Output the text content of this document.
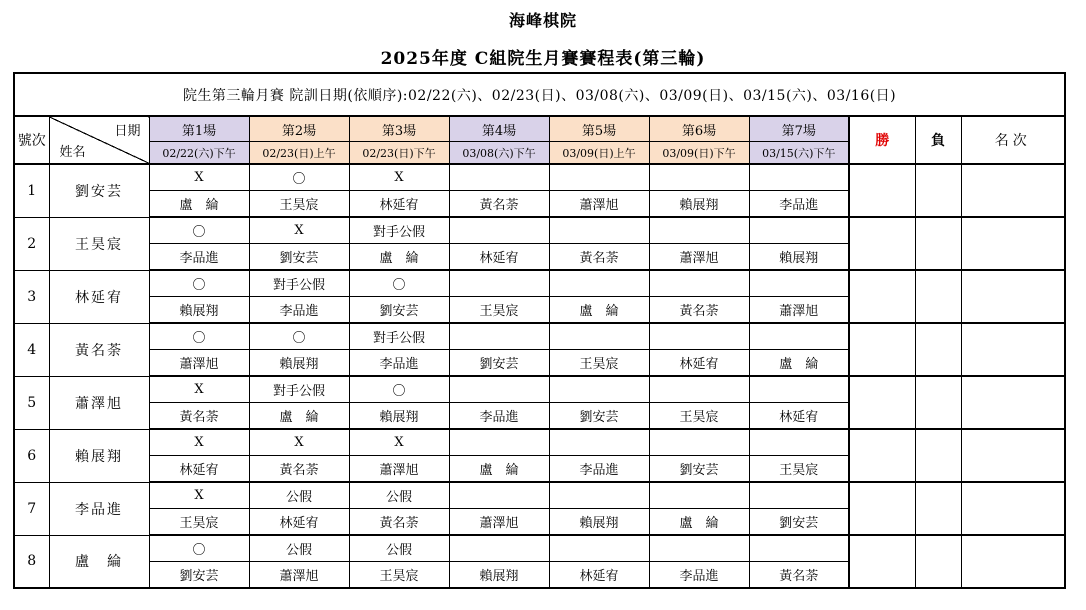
海峰棋院
2025年度 C組院生月賽賽程表(第三輪)
院生第三輪月賽 院訓日期(依順序):02/22(六)、02/23(日)、03/08(六)、03/09(日)、03/15(六)、03/16(日)											
號次	日期
姓名	第1場	第2場	第3場	第4場	第5場	第6場	第7場	勝	負	名次
		02/22(六)下午	02/23(日)上午	02/23(日)下午	03/08(六)下午	03/09(日)上午	03/09(日)下午	03/15(六)下午			
1	劉安芸	X	〇	X							
		盧　綸	王昊宸	林延宥	黃名荼	蕭澤旭	賴展翔	李品進			
2	王昊宸	〇	X	對手公假							
		李品進	劉安芸	盧　綸	林延宥	黃名荼	蕭澤旭	賴展翔			
3	林延宥	〇	對手公假	〇							
		賴展翔	李品進	劉安芸	王昊宸	盧　綸	黃名荼	蕭澤旭			
4	黃名荼	〇	〇	對手公假							
		蕭澤旭	賴展翔	李品進	劉安芸	王昊宸	林延宥	盧　綸			
5	蕭澤旭	X	對手公假	〇							
		黃名荼	盧　綸	賴展翔	李品進	劉安芸	王昊宸	林延宥			
6	賴展翔	X	X	X							
		林延宥	黃名荼	蕭澤旭	盧　綸	李品進	劉安芸	王昊宸			
7	李品進	X	公假	公假							
		王昊宸	林延宥	黃名荼	蕭澤旭	賴展翔	盧　綸	劉安芸			
8	盧　綸	〇	公假	公假							
		劉安芸	蕭澤旭	王昊宸	賴展翔	林延宥	李品進	黃名荼			
